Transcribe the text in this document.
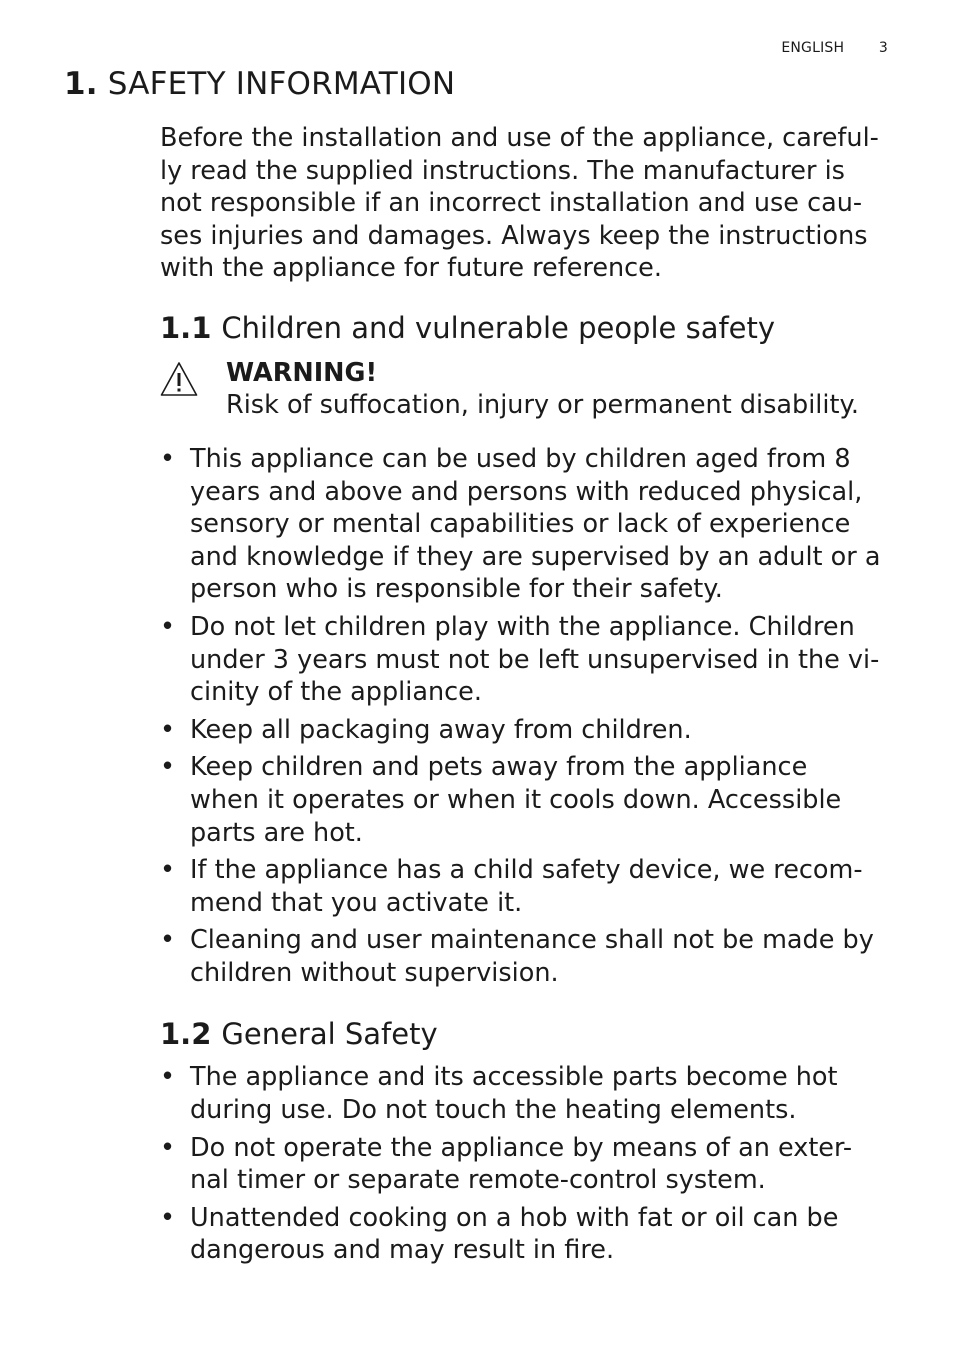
ENGLISH 3
1. SAFETY INFORMATION

Before the installation and use of the appliance, careful-
ly read the supplied instructions. The manufacturer is
not responsible if an incorrect installation and use cau-
ses injuries and damages. Always keep the instructions
with the appliance for future reference.

1.1 Children and vulnerable people safety
WARNING!
Risk of suffocation, injury or permanent disability.
• This appliance can be used by children aged from 8
years and above and persons with reduced physical,
sensory or mental capabilities or lack of experience
and knowledge if they are supervised by an adult or a
person who is responsible for their safety.
• Do not let children play with the appliance. Children
under 3 years must not be left unsupervised in the vi-
cinity of the appliance.
• Keep all packaging away from children.
• Keep children and pets away from the appliance
when it operates or when it cools down. Accessible
parts are hot.
• If the appliance has a child safety device, we recom-
mend that you activate it.
• Cleaning and user maintenance shall not be made by
children without supervision.
1.2 General Safety
• The appliance and its accessible parts become hot
during use. Do not touch the heating elements.
• Do not operate the appliance by means of an exter-
nal timer or separate remote-control system.
• Unattended cooking on a hob with fat or oil can be
dangerous and may result in fire.
